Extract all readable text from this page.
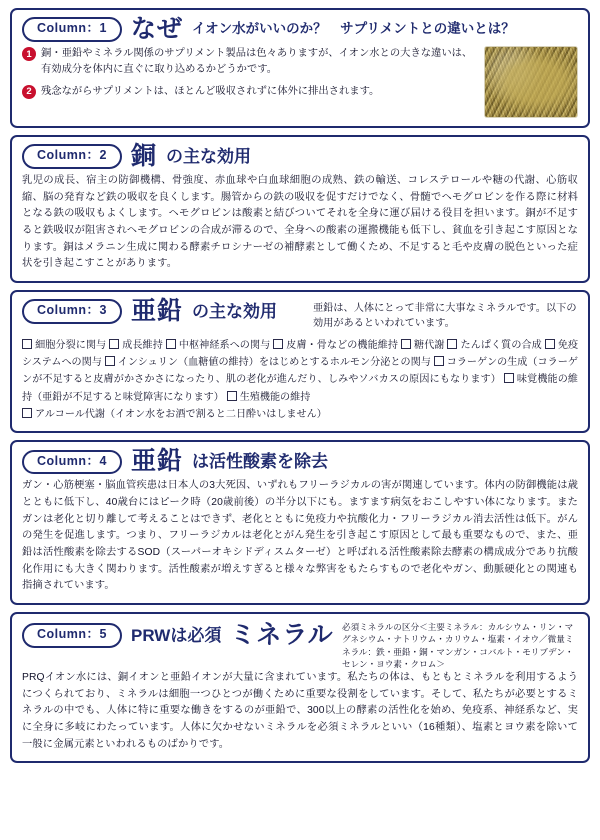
Column：1 なぜ イオン水がいいのか？　サプリメントとの違いとは？
1 銅・亜鉛やミネラル関係のサプリメント製品は色々ありますが、イオン水との大きな違いは、有効成分を体内に直ぐに取り込めるかどうかです。
2 残念ながらサプリメントは、ほとんど吸収されずに体外に排出されます。
Column：2 銅 の主な効用

乳児の成長、宿主の防御機構、骨強度、赤血球や白血球細胞の成熟、鉄の輸送、コレステロールや糖の代謝、心筋収縮、脳の発育など鉄の吸収を良くします。腸管からの鉄の吸収を促すだけでなく、骨髄でヘモグロビンを作る際に材料となる鉄の吸収もよくします。ヘモグロビンは酸素と結びついてそれを全身に運び届ける役目を担います。銅が不足すると鉄吸収が阻害されヘモグロビンの合成が滞るので、全身への酸素の運搬機能も低下し、貧血を引き起こす原因となります。銅はメラニン生成に関わる酵素チロシナーゼの補酵素として働くため、不足すると毛や皮膚の脱色といった症状を引き起こすことがあります。

Column：3 亜鉛 の主な効用	亜鉛は、人体にとって非常に大事なミネラルです。以下の効用があるといわれています。
細胞分裂に関与 成長維持 中枢神経系への関与 皮膚・骨などの機能維持 糖代謝 たんぱく質の合成 免疫システムへの関与 インシュリン（血糖値の維持）をはじめとするホルモン分泌との関与 コラーゲンの生成（コラーゲンが不足すると皮膚がかさかさになったり、肌の老化が進んだり、しみやソバカスの原因にもなります） 味覚機能の維持（亜鉛が不足すると味覚障害になります） 生殖機能の維持
アルコール代謝（イオン水をお酒で割ると二日酔いはしません）
Column：4 亜鉛 は活性酸素を除去

ガン・心筋梗塞・脳血管疾患は日本人の3大死因、いずれもフリーラジカルの害が関連しています。体内の防御機能は歳とともに低下し、40歳台にはピーク時（20歳前後）の半分以下にも。ますます病気をおこしやすい体になります。またガンは老化と切り離して考えることはできず、老化とともに免疫力や抗酸化力・フリーラジカル消去活性は低下。がんの発生を促進します。つまり、フリーラジカルは老化とがん発生を引き起こす原因として最も重要なもので、また、亜鉛は活性酸素を除去するSOD（スーパーオキシドディスムターゼ）と呼ばれる活性酸素除去酵素の構成成分であり抗酸化作用にも大きく関わります。活性酸素が増えすぎると様々な弊害をもたらすもので老化やガン、動脈硬化との関連も指摘されています。

Column：5	PRWは必須 ミネラル 必須ミネラルの区分＜主要ミネラル：カルシウム・リン・マグネシウム・ナトリウム・カリウム・塩素・イオウ／微量ミネラル：鉄・亜鉛・銅・マンガン・コバルト・モリブデン・セレン・ヨウ素・クロム＞

PRQイオン水には、銅イオンと亜鉛イオンが大量に含まれています。私たちの体は、もともとミネラルを利用するようにつくられており、ミネラルは細胞一つひとつが働くために重要な役割をしています。そして、私たちが必要とするミネラルの中でも、人体に特に重要な働きをするのが亜鉛で、300以上の酵素の活性化を始め、免疫系、神経系など、実に全身に多岐にわたっています。人体に欠かせないミネラルを必須ミネラルといい（16種類）、塩素とヨウ素を除いて一般に金属元素といわれるものばかりです。
